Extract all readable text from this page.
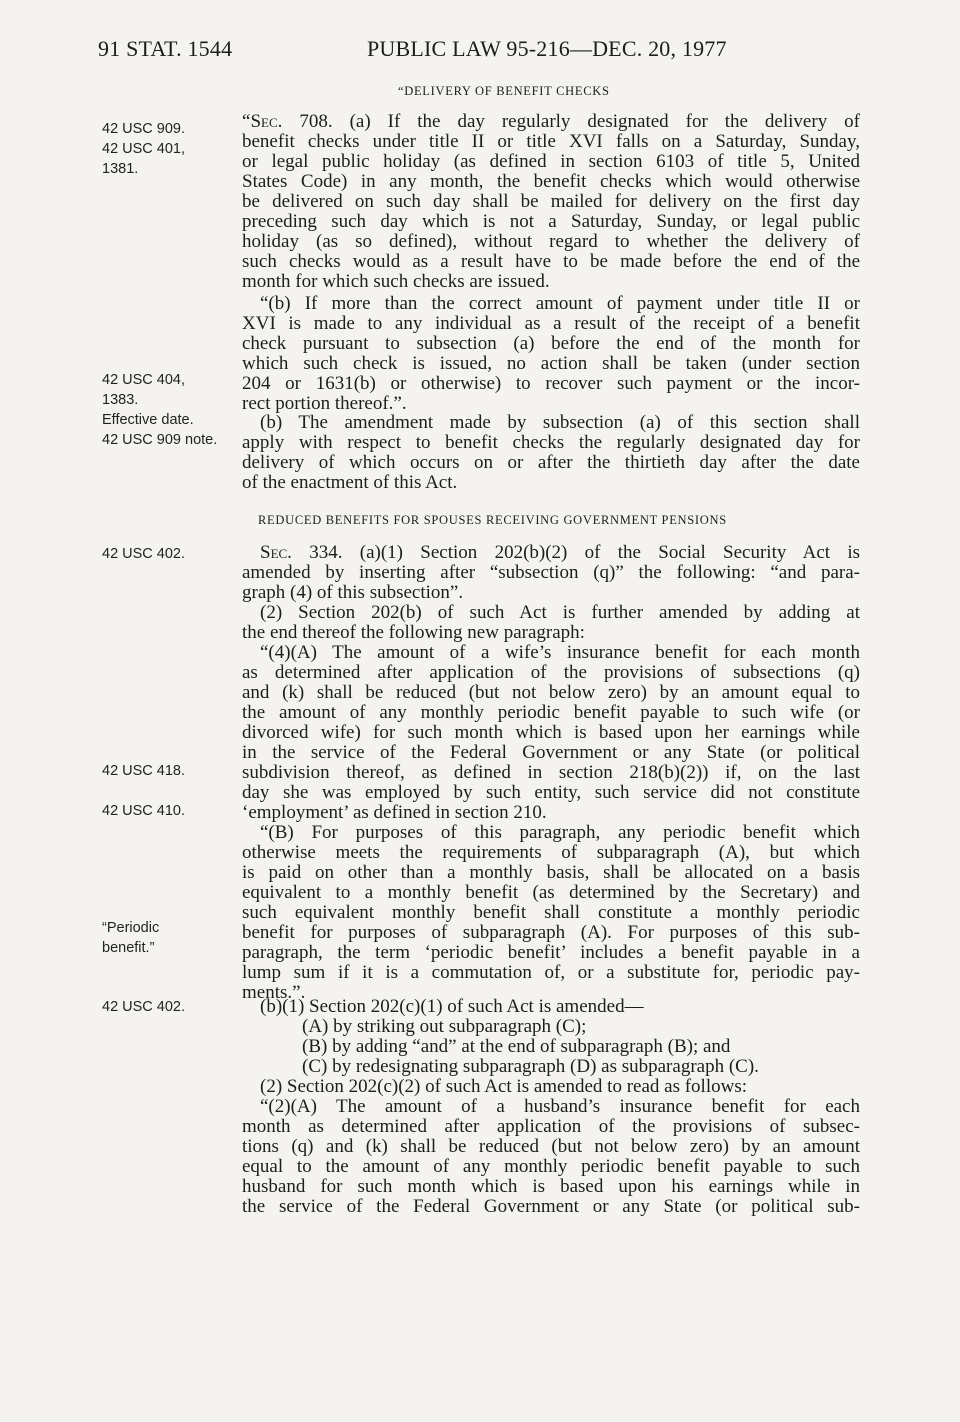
91 STAT. 1544	PUBLIC LAW 95-216—DEC. 20, 1977
“DELIVERY OF BENEFIT CHECKS
REDUCED BENEFITS FOR SPOUSES RECEIVING GOVERNMENT PENSIONS
42 USC 909.
42 USC 401,
1381.
42 USC 404,
1383.
Effective date.
42 USC 909 note.
42 USC 402.
42 USC 418.
42 USC 410.
“Periodic
benefit.”
42 USC 402.
“Sec. 708. (a) If the day regularly designated for the delivery of
benefit checks under title II or title XVI falls on a Saturday, Sunday,
or legal public holiday (as defined in section 6103 of title 5, United
States Code) in any month, the benefit checks which would otherwise
be delivered on such day shall be mailed for delivery on the first day
preceding such day which is not a Saturday, Sunday, or legal public
holiday (as so defined), without regard to whether the delivery of
such checks would as a result have to be made before the end of the
month for which such checks are issued.
“(b) If more than the correct amount of payment under title II or
XVI is made to any individual as a result of the receipt of a benefit
check pursuant to subsection (a) before the end of the month for
which such check is issued, no action shall be taken (under section
204 or 1631(b) or otherwise) to recover such payment or the incor-
rect portion thereof.”.
(b) The amendment made by subsection (a) of this section shall
apply with respect to benefit checks the regularly designated day for
delivery of which occurs on or after the thirtieth day after the date
of the enactment of this Act.
Sec. 334. (a)(1) Section 202(b)(2) of the Social Security Act is
amended by inserting after “subsection (q)” the following: “and para-
graph (4) of this subsection”.
(2) Section 202(b) of such Act is further amended by adding at
the end thereof the following new paragraph:
“(4)(A) The amount of a wife’s insurance benefit for each month
as determined after application of the provisions of subsections (q)
and (k) shall be reduced (but not below zero) by an amount equal to
the amount of any monthly periodic benefit payable to such wife (or
divorced wife) for such month which is based upon her earnings while
in the service of the Federal Government or any State (or political
subdivision thereof, as defined in section 218(b)(2)) if, on the last
day she was employed by such entity, such service did not constitute
‘employment’ as defined in section 210.
“(B) For purposes of this paragraph, any periodic benefit which
otherwise meets the requirements of subparagraph (A), but which
is paid on other than a monthly basis, shall be allocated on a basis
equivalent to a monthly benefit (as determined by the Secretary) and
such equivalent monthly benefit shall constitute a monthly periodic
benefit for purposes of subparagraph (A). For purposes of this sub-
paragraph, the term ‘periodic benefit’ includes a benefit payable in a
lump sum if it is a commutation of, or a substitute for, periodic pay-
ments.”.
(b)(1) Section 202(c)(1) of such Act is amended—
(A) by striking out subparagraph (C);
(B) by adding “and” at the end of subparagraph (B); and
(C) by redesignating subparagraph (D) as subparagraph (C).
(2) Section 202(c)(2) of such Act is amended to read as follows:
“(2)(A) The amount of a husband’s insurance benefit for each
month as determined after application of the provisions of subsec-
tions (q) and (k) shall be reduced (but not below zero) by an amount
equal to the amount of any monthly periodic benefit payable to such
husband for such month which is based upon his earnings while in
the service of the Federal Government or any State (or political sub-
